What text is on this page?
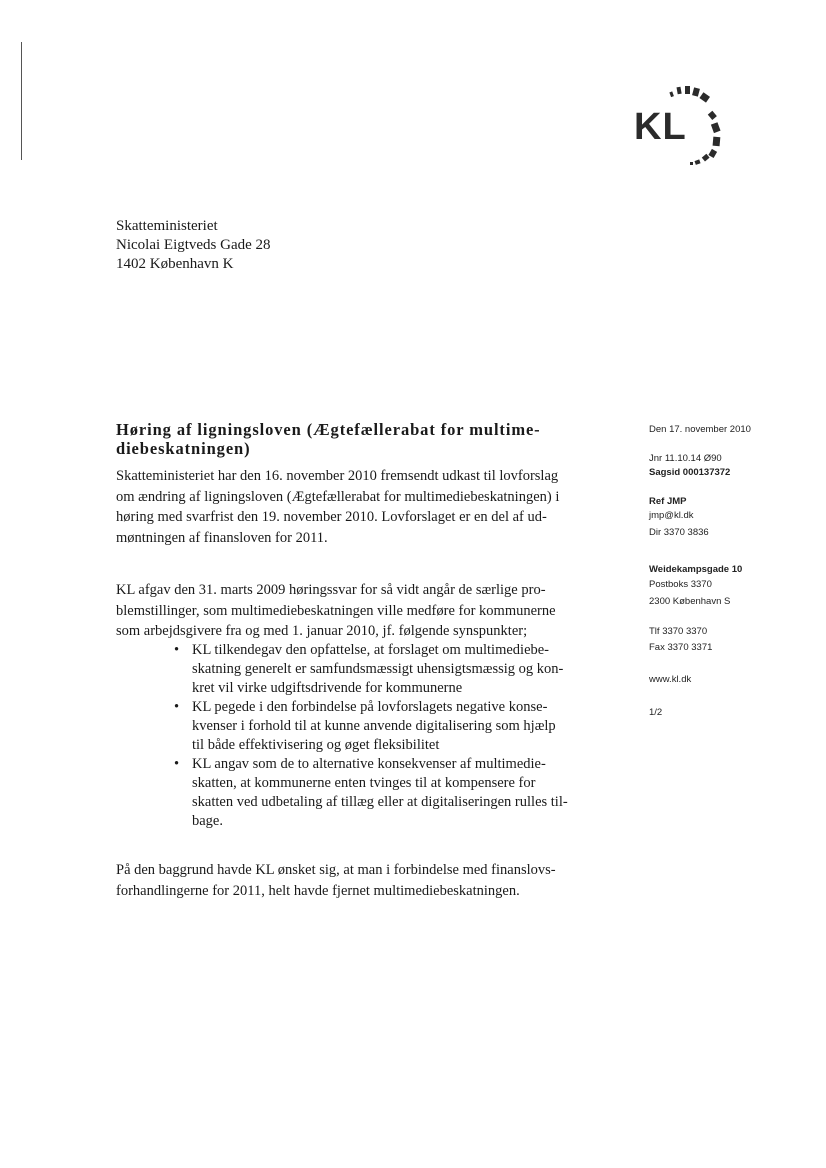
KL
Skatteministeriet
Nicolai Eigtveds Gade 28
1402 København K
Høring af ligningsloven (Ægtefællerabat for multime-
diebeskatningen)

Skatteministeriet har den 16. november 2010 fremsendt udkast til lovforslag
om ændring af ligningsloven (Ægtefællerabat for multimediebeskatningen) i
høring med svarfrist den 19. november 2010. Lovforslaget er en del af ud-
møntningen af finansloven for 2011.

KL afgav den 31. marts 2009 høringssvar for så vidt angår de særlige pro-
blemstillinger, som multimediebeskatningen ville medføre for kommunerne
som arbejdsgivere fra og med 1. januar 2010, jf. følgende synspunkter;

• KL tilkendegav den opfattelse, at forslaget om multimediebe-
skatning generelt er samfundsmæssigt uhensigtsmæssig og kon-
kret vil virke udgiftsdrivende for kommunerne
• KL pegede i den forbindelse på lovforslagets negative konse-
kvenser i forhold til at kunne anvende digitalisering som hjælp
til både effektivisering og øget fleksibilitet
• KL angav som de to alternative konsekvenser af multimedie-
skatten, at kommunerne enten tvinges til at kompensere for
skatten ved udbetaling af tillæg eller at digitaliseringen rulles til-
bage.

På den baggrund havde KL ønsket sig, at man i forbindelse med finanslovs-
forhandlingerne for 2011, helt havde fjernet multimediebeskatningen.

Den 17. november 2010
Jnr 11.10.14 Ø90
Sagsid 000137372
Ref JMP
jmp@kl.dk
Dir 3370 3836
Weidekampsgade 10
Postboks 3370
2300 København S
Tlf 3370 3370
Fax 3370 3371
www.kl.dk
1/2
